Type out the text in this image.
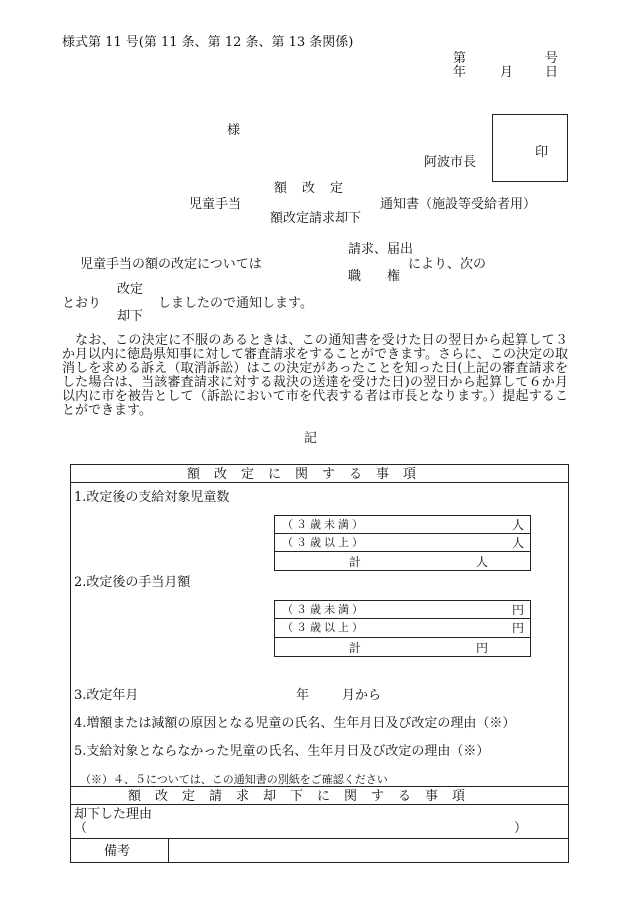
様式第 11 号(第 11 条、第 12 条、第 13 条関係)
第	号
年	月 日
様
阿波市長
印
額　改　定
児童手当
額改定請求却下
通知書（施設等受給者用）
請求、届出
児童手当の額の改定については	により、次の
職　　権
改定
とおり	しましたので通知します。
却下
なお、この決定に不服のあるときは、この通知書を受けた日の翌日から起算して３か月以内に徳島県知事に対して審査請求をすることができます。さらに、この決定の取消しを求める訴え（取消訴訟）はこの決定があったことを知った日(上記の審査請求をした場合は、当該審査請求に対する裁決の送達を受けた日)の翌日から起算して６か月以内に市を被告として（訴訟において市を代表する者は市長となります。）提起することができます。
記
額改定に関する事項
1.改定後の支給対象児童数
（３歳未満）	人
（３歳以上）	人
計	人
2.改定後の手当月額
（３歳未満）	円
（３歳以上）	円
計	円
3.改定年月	年	月から
4.増額または減額の原因となる児童の氏名、生年月日及び改定の理由（※）
5.支給対象とならなかった児童の氏名、生年月日及び改定の理由（※）
（※）４、５については、この通知書の別紙をご確認ください
額改定請求却下に関する事項
却下した理由
（	）
備考
